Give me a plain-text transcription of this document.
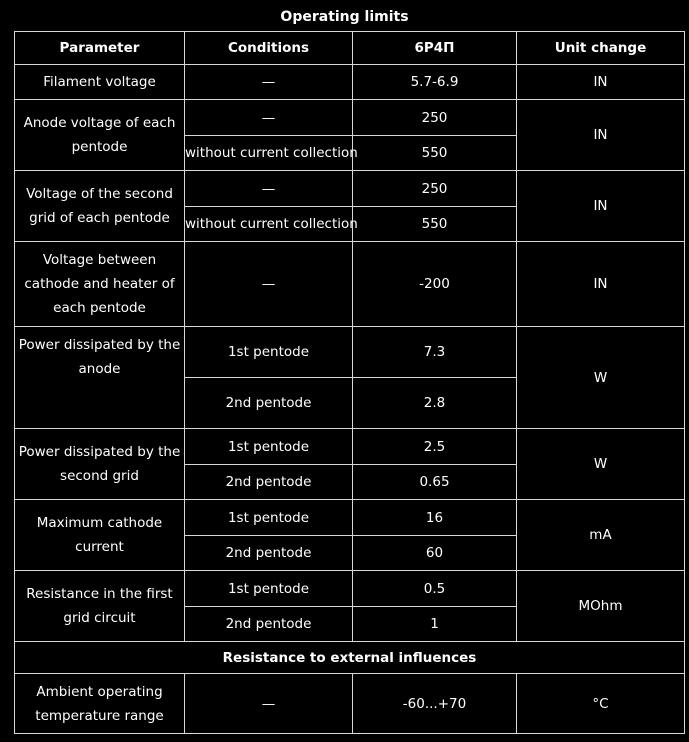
Operating limits
Parameter	Conditions	6Р4П	Unit change
Filament voltage	—	5.7-6.9	IN
Anode voltage of each pentode	—	250	IN
	without current collection	550	
Voltage of the second grid of each pentode	—	250	IN
	without current collection	550	
Voltage between cathode and heater of each pentode	—	-200	IN
Power dissipated by the anode	1st pentode	7.3	W
	2nd pentode	2.8	
Power dissipated by the second grid	1st pentode	2.5	W
	2nd pentode	0.65	
Maximum cathode current	1st pentode	16	mA
	2nd pentode	60	
Resistance in the first grid circuit	1st pentode	0.5	MOhm
	2nd pentode	1	
Resistance to external influences			
Ambient operating temperature range	—	-60...+70	°C
